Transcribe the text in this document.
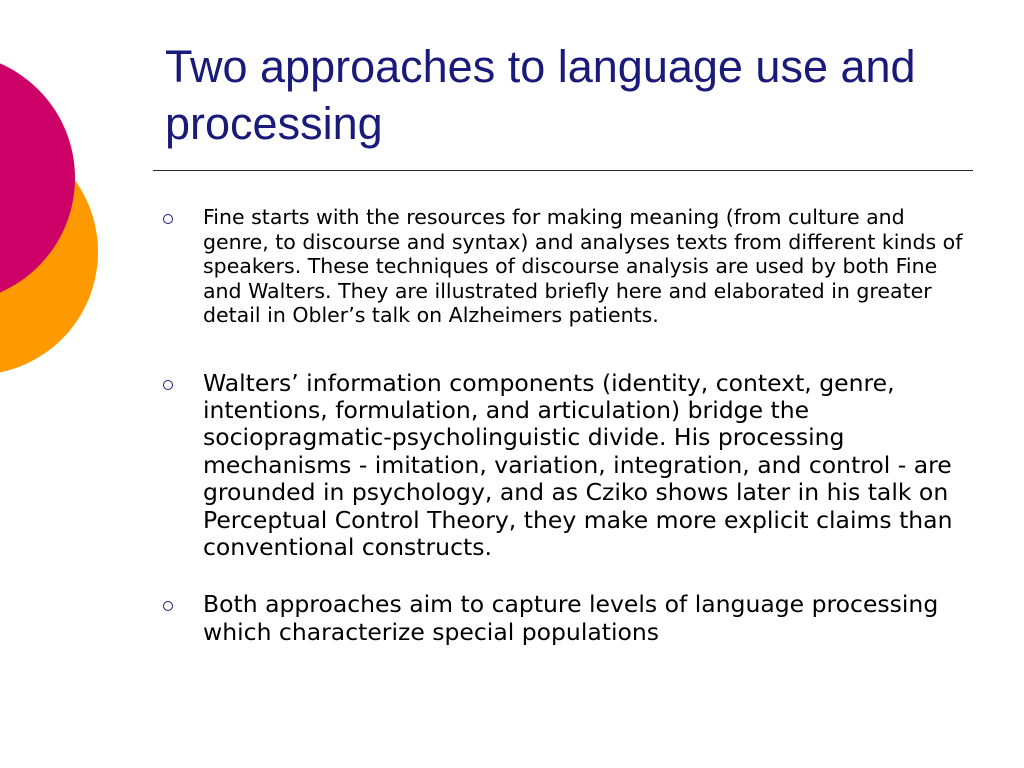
Two approaches to language use and processing
Fine starts with the resources for making meaning (from culture and genre, to discourse and syntax) and analyses texts from different kinds of speakers. These techniques of discourse analysis are used by both Fine and Walters. They are illustrated briefly here and elaborated in greater detail in Obler’s talk on Alzheimers patients.
Walters’ information components (identity, context, genre, intentions, formulation, and articulation) bridge the sociopragmatic-psycholinguistic divide. His processing mechanisms - imitation, variation, integration, and control - are grounded in psychology, and as Cziko shows later in his talk on Perceptual Control Theory, they make more explicit claims than conventional constructs.
Both approaches aim to capture levels of language processing which characterize special populations
